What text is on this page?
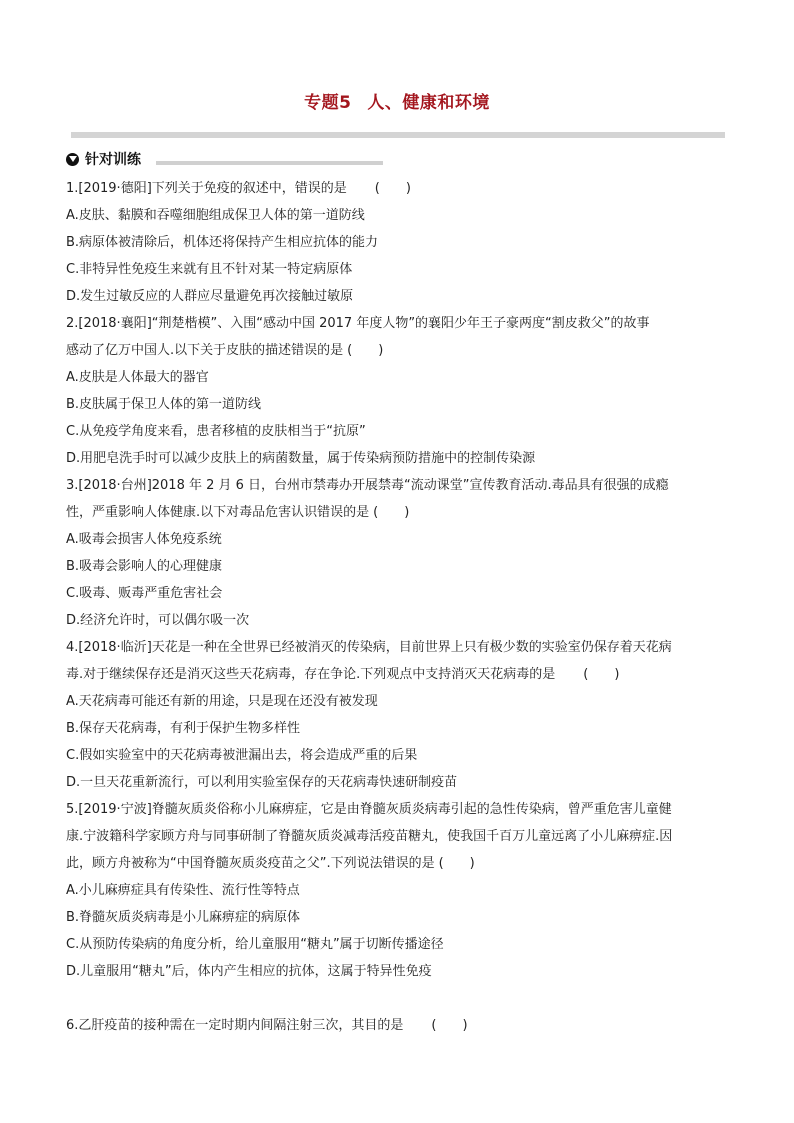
专题5 人、健康和环境
针对训练

1.[2019·德阳]下列关于免疫的叙述中，错误的是 (　　)

A.皮肤、黏膜和吞噬细胞组成保卫人体的第一道防线

B.病原体被清除后，机体还将保持产生相应抗体的能力

C.非特异性免疫生来就有且不针对某一特定病原体

D.发生过敏反应的人群应尽量避免再次接触过敏原

2.[2018·襄阳]“荆楚楷模”、入围“感动中国 2017 年度人物”的襄阳少年王子豪两度“割皮救父”的故事

感动了亿万中国人.以下关于皮肤的描述错误的是 (　　)

A.皮肤是人体最大的器官

B.皮肤属于保卫人体的第一道防线

C.从免疫学角度来看，患者移植的皮肤相当于“抗原”

D.用肥皂洗手时可以减少皮肤上的病菌数量，属于传染病预防措施中的控制传染源

3.[2018·台州]2018 年 2 月 6 日，台州市禁毒办开展禁毒“流动课堂”宣传教育活动.毒品具有很强的成瘾

性，严重影响人体健康.以下对毒品危害认识错误的是 (　　)

A.吸毒会损害人体免疫系统

B.吸毒会影响人的心理健康

C.吸毒、贩毒严重危害社会

D.经济允许时，可以偶尔吸一次

4.[2018·临沂]天花是一种在全世界已经被消灭的传染病，目前世界上只有极少数的实验室仍保存着天花病

毒.对于继续保存还是消灭这些天花病毒，存在争论.下列观点中支持消灭天花病毒的是 (　　)

A.天花病毒可能还有新的用途，只是现在还没有被发现

B.保存天花病毒，有利于保护生物多样性

C.假如实验室中的天花病毒被泄漏出去，将会造成严重的后果

D.一旦天花重新流行，可以利用实验室保存的天花病毒快速研制疫苗

5.[2019·宁波]脊髓灰质炎俗称小儿麻痹症，它是由脊髓灰质炎病毒引起的急性传染病，曾严重危害儿童健

康.宁波籍科学家顾方舟与同事研制了脊髓灰质炎减毒活疫苗糖丸，使我国千百万儿童远离了小儿麻痹症.因

此，顾方舟被称为“中国脊髓灰质炎疫苗之父”.下列说法错误的是 (　　)

A.小儿麻痹症具有传染性、流行性等特点

B.脊髓灰质炎病毒是小儿麻痹症的病原体

C.从预防传染病的角度分析，给儿童服用“糖丸”属于切断传播途径

D.儿童服用“糖丸”后，体内产生相应的抗体，这属于特异性免疫

6.乙肝疫苗的接种需在一定时期内间隔注射三次，其目的是 (　　)
